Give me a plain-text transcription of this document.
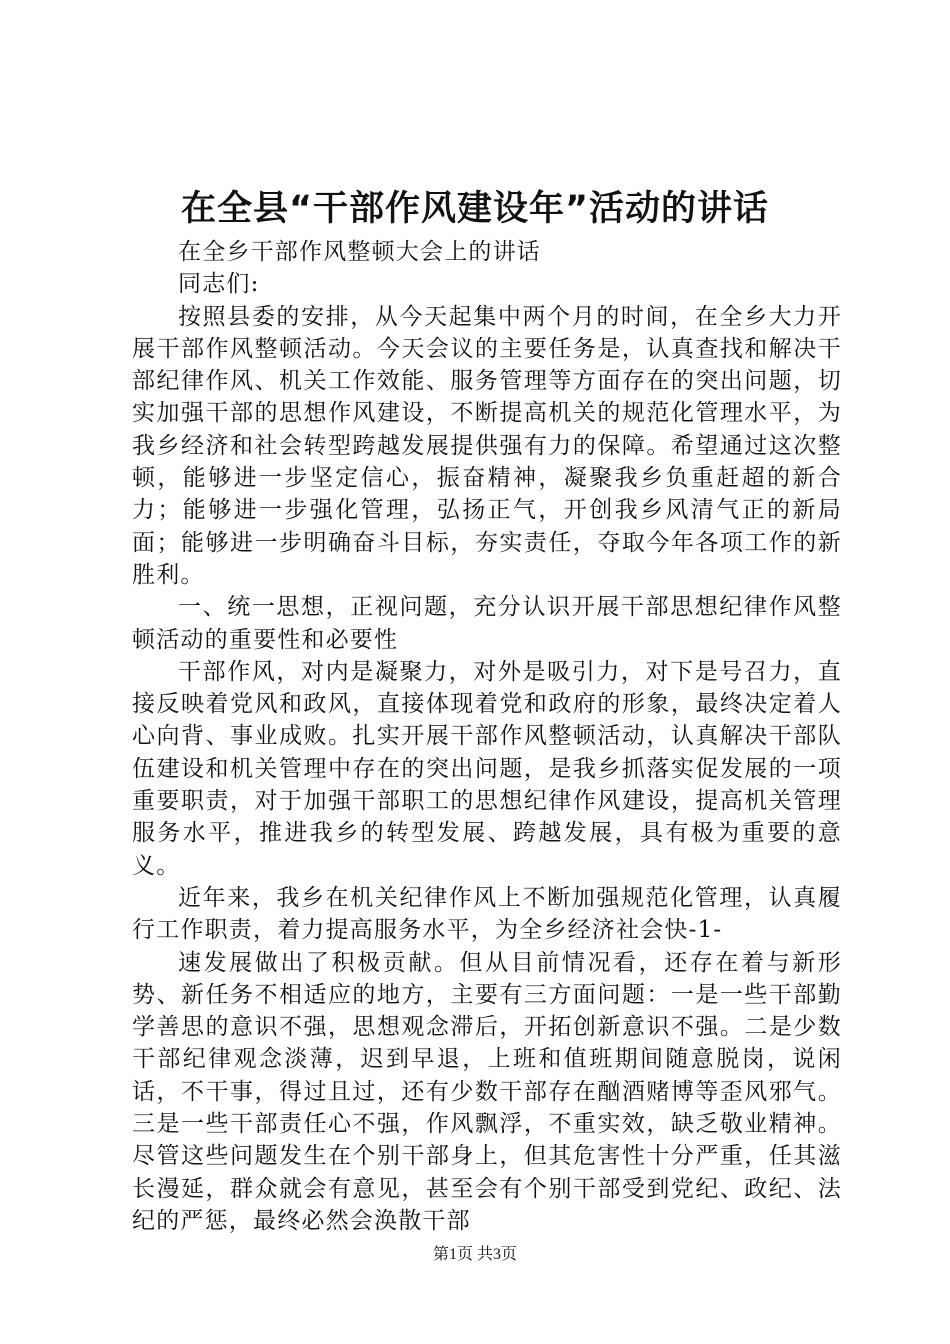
在全县“干部作风建设年”活动的讲话

在全乡干部作风整顿大会上的讲话

同志们:

按照县委的安排，从今天起集中两个月的时间，在全乡大力开展干部作风整顿活动。今天会议的主要任务是，认真查找和解决干部纪律作风、机关工作效能、服务管理等方面存在的突出问题，切实加强干部的思想作风建设，不断提高机关的规范化管理水平，为我乡经济和社会转型跨越发展提供强有力的保障。希望通过这次整顿，能够进一步坚定信心，振奋精神，凝聚我乡负重赶超的新合力；能够进一步强化管理，弘扬正气，开创我乡风清气正的新局面；能够进一步明确奋斗目标，夯实责任，夺取今年各项工作的新胜利。

一、统一思想，正视问题，充分认识开展干部思想纪律作风整顿活动的重要性和必要性

干部作风，对内是凝聚力，对外是吸引力，对下是号召力，直接反映着党风和政风，直接体现着党和政府的形象，最终决定着人心向背、事业成败。扎实开展干部作风整顿活动，认真解决干部队伍建设和机关管理中存在的突出问题，是我乡抓落实促发展的一项重要职责，对于加强干部职工的思想纪律作风建设，提高机关管理服务水平，推进我乡的转型发展、跨越发展，具有极为重要的意义。

近年来，我乡在机关纪律作风上不断加强规范化管理，认真履行工作职责，着力提高服务水平，为全乡经济社会快-1-

速发展做出了积极贡献。但从目前情况看，还存在着与新形势、新任务不相适应的地方，主要有三方面问题：一是一些干部勤学善思的意识不强，思想观念滞后，开拓创新意识不强。二是少数干部纪律观念淡薄，迟到早退，上班和值班期间随意脱岗，说闲话，不干事，得过且过，还有少数干部存在酗酒赌博等歪风邪气。三是一些干部责任心不强，作风飘浮，不重实效，缺乏敬业精神。尽管这些问题发生在个别干部身上，但其危害性十分严重，任其滋长漫延，群众就会有意见，甚至会有个别干部受到党纪、政纪、法纪的严惩，最终必然会涣散干部

第1页 共3页
